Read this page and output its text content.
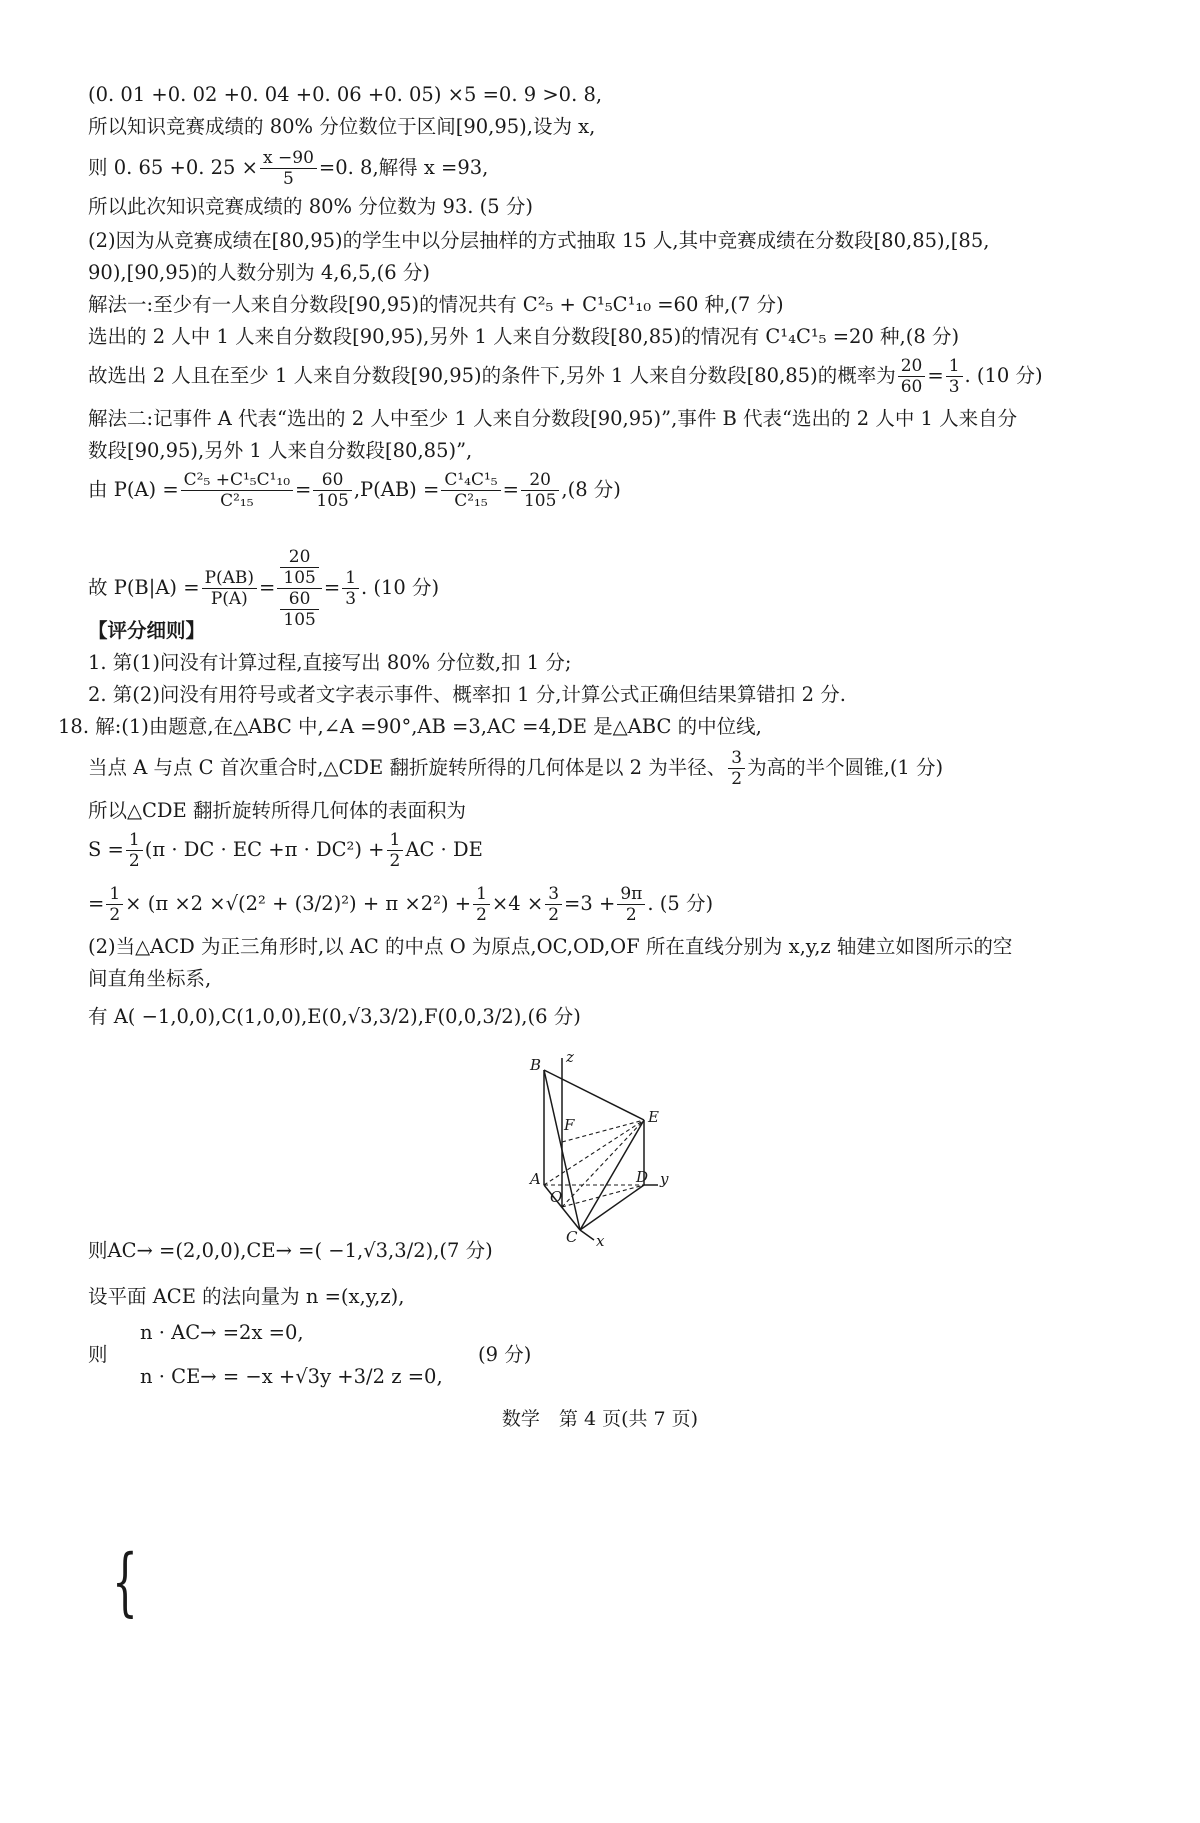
(0. 01 +0. 02 +0. 04 +0. 06 +0. 05) ×5 =0. 9 >0. 8,
所以知识竞赛成绩的 80% 分位数位于区间[90,95),设为 x,
则 0. 65 +0. $25 \times \frac{x -90}{5} =0$. 8,解得 x =93,
所以此次知识竞赛成绩的 80% 分位数为 93. (5 分)
(2)因为从竞赛成绩在[80,95)的学生中以分层抽样的方式抽取 15 人,其中竞赛成绩在分数段[80,85),[85,
90),[90,95)的人数分别为 4,6,5,(6 分)
解法一:至少有一人来自分数段[90,95)的情况共有 C²₅ + C¹₅C¹₁₀ =60 种,(7 分)
选出的 2 人中 1 人来自分数段[90,95),另外 1 人来自分数段[80,85)的情况有 C¹₄C¹₅ =20 种,(8 分)
故选出 2 人且在至少 1 人来自分数段[90,95)的条件下,另外 1 人来自分数段[80,85)的概率为 $\frac{20}{60} = \frac{1}{3}$ . (10 分)
解法二:记事件 A 代表“选出的 2 人中至少 1 人来自分数段[90,95)”,事件 B 代表“选出的 2 人中 1 人来自分
数段[90,95),另外 1 人来自分数段[80,85)”,
由 $P(A) = \frac{\text{C²₅ +C¹₅C¹₁₀}}{\text{C²₁₅}} = \frac{60}{105} ,P(AB) = \frac{\text{C¹₄C¹₅}}{\text{C²₁₅}} = \frac{20}{105} ,(8$ 分)
故 $P(B|A) = \frac{P(AB)}{P(A)} = \frac{\frac{20}{105}}{\frac{60}{105}} = \frac{1}{3}$ . (10 分)
【评分细则】
1. 第(1)问没有计算过程,直接写出 80% 分位数,扣 1 分;
2. 第(2)问没有用符号或者文字表示事件、概率扣 1 分,计算公式正确但结果算错扣 2 分.
18. 解:(1)由题意,在△ABC 中,∠A =90°,AB =3,AC =4,DE 是△ABC 的中位线,
当点 A 与点 C 首次重合时,△CDE 翻折旋转所得的几何体是以 2 为半径、 $\frac{3}{2}$ 为高的半个圆锥,(1 分)
所以△CDE 翻折旋转所得几何体的表面积为
$S = \frac{1}{2} (\pi$ · DC · EC $+\pi \cdot DC^2) + \frac{1}{2}$ AC · DE
= $\frac{1}{2} \times (\pi \times 2 \times√(2^2 + (3/2)^2) + \pi \times 2^2) + \frac{1}{2} \times 4 \times \frac{3}{2} =3 + \frac{9\pi}{2}$ . (5 分)
(2)当△ACD 为正三角形时,以 AC 的中点 O 为原点,OC,OD,OF 所在直线分别为 x,y,z 轴建立如图所示的空
间直角坐标系,
有 A( −1,0,0),C(1,0,0),E(0,√3,3/2),F(0,0,3/2),(6 分)
B z
F	E
A	D y
O
C x
则AC→ =(2,0,0),CE→ =( −1,√3,3/2),(7 分)
设平面 ACE 的法向量为 n =(x,y,z),
则
{
n · AC→ =2x =0,
n · CE→ = −x +√3y +3/2 z =0,
(9 分)
数学　第 4 页(共 7 页)
